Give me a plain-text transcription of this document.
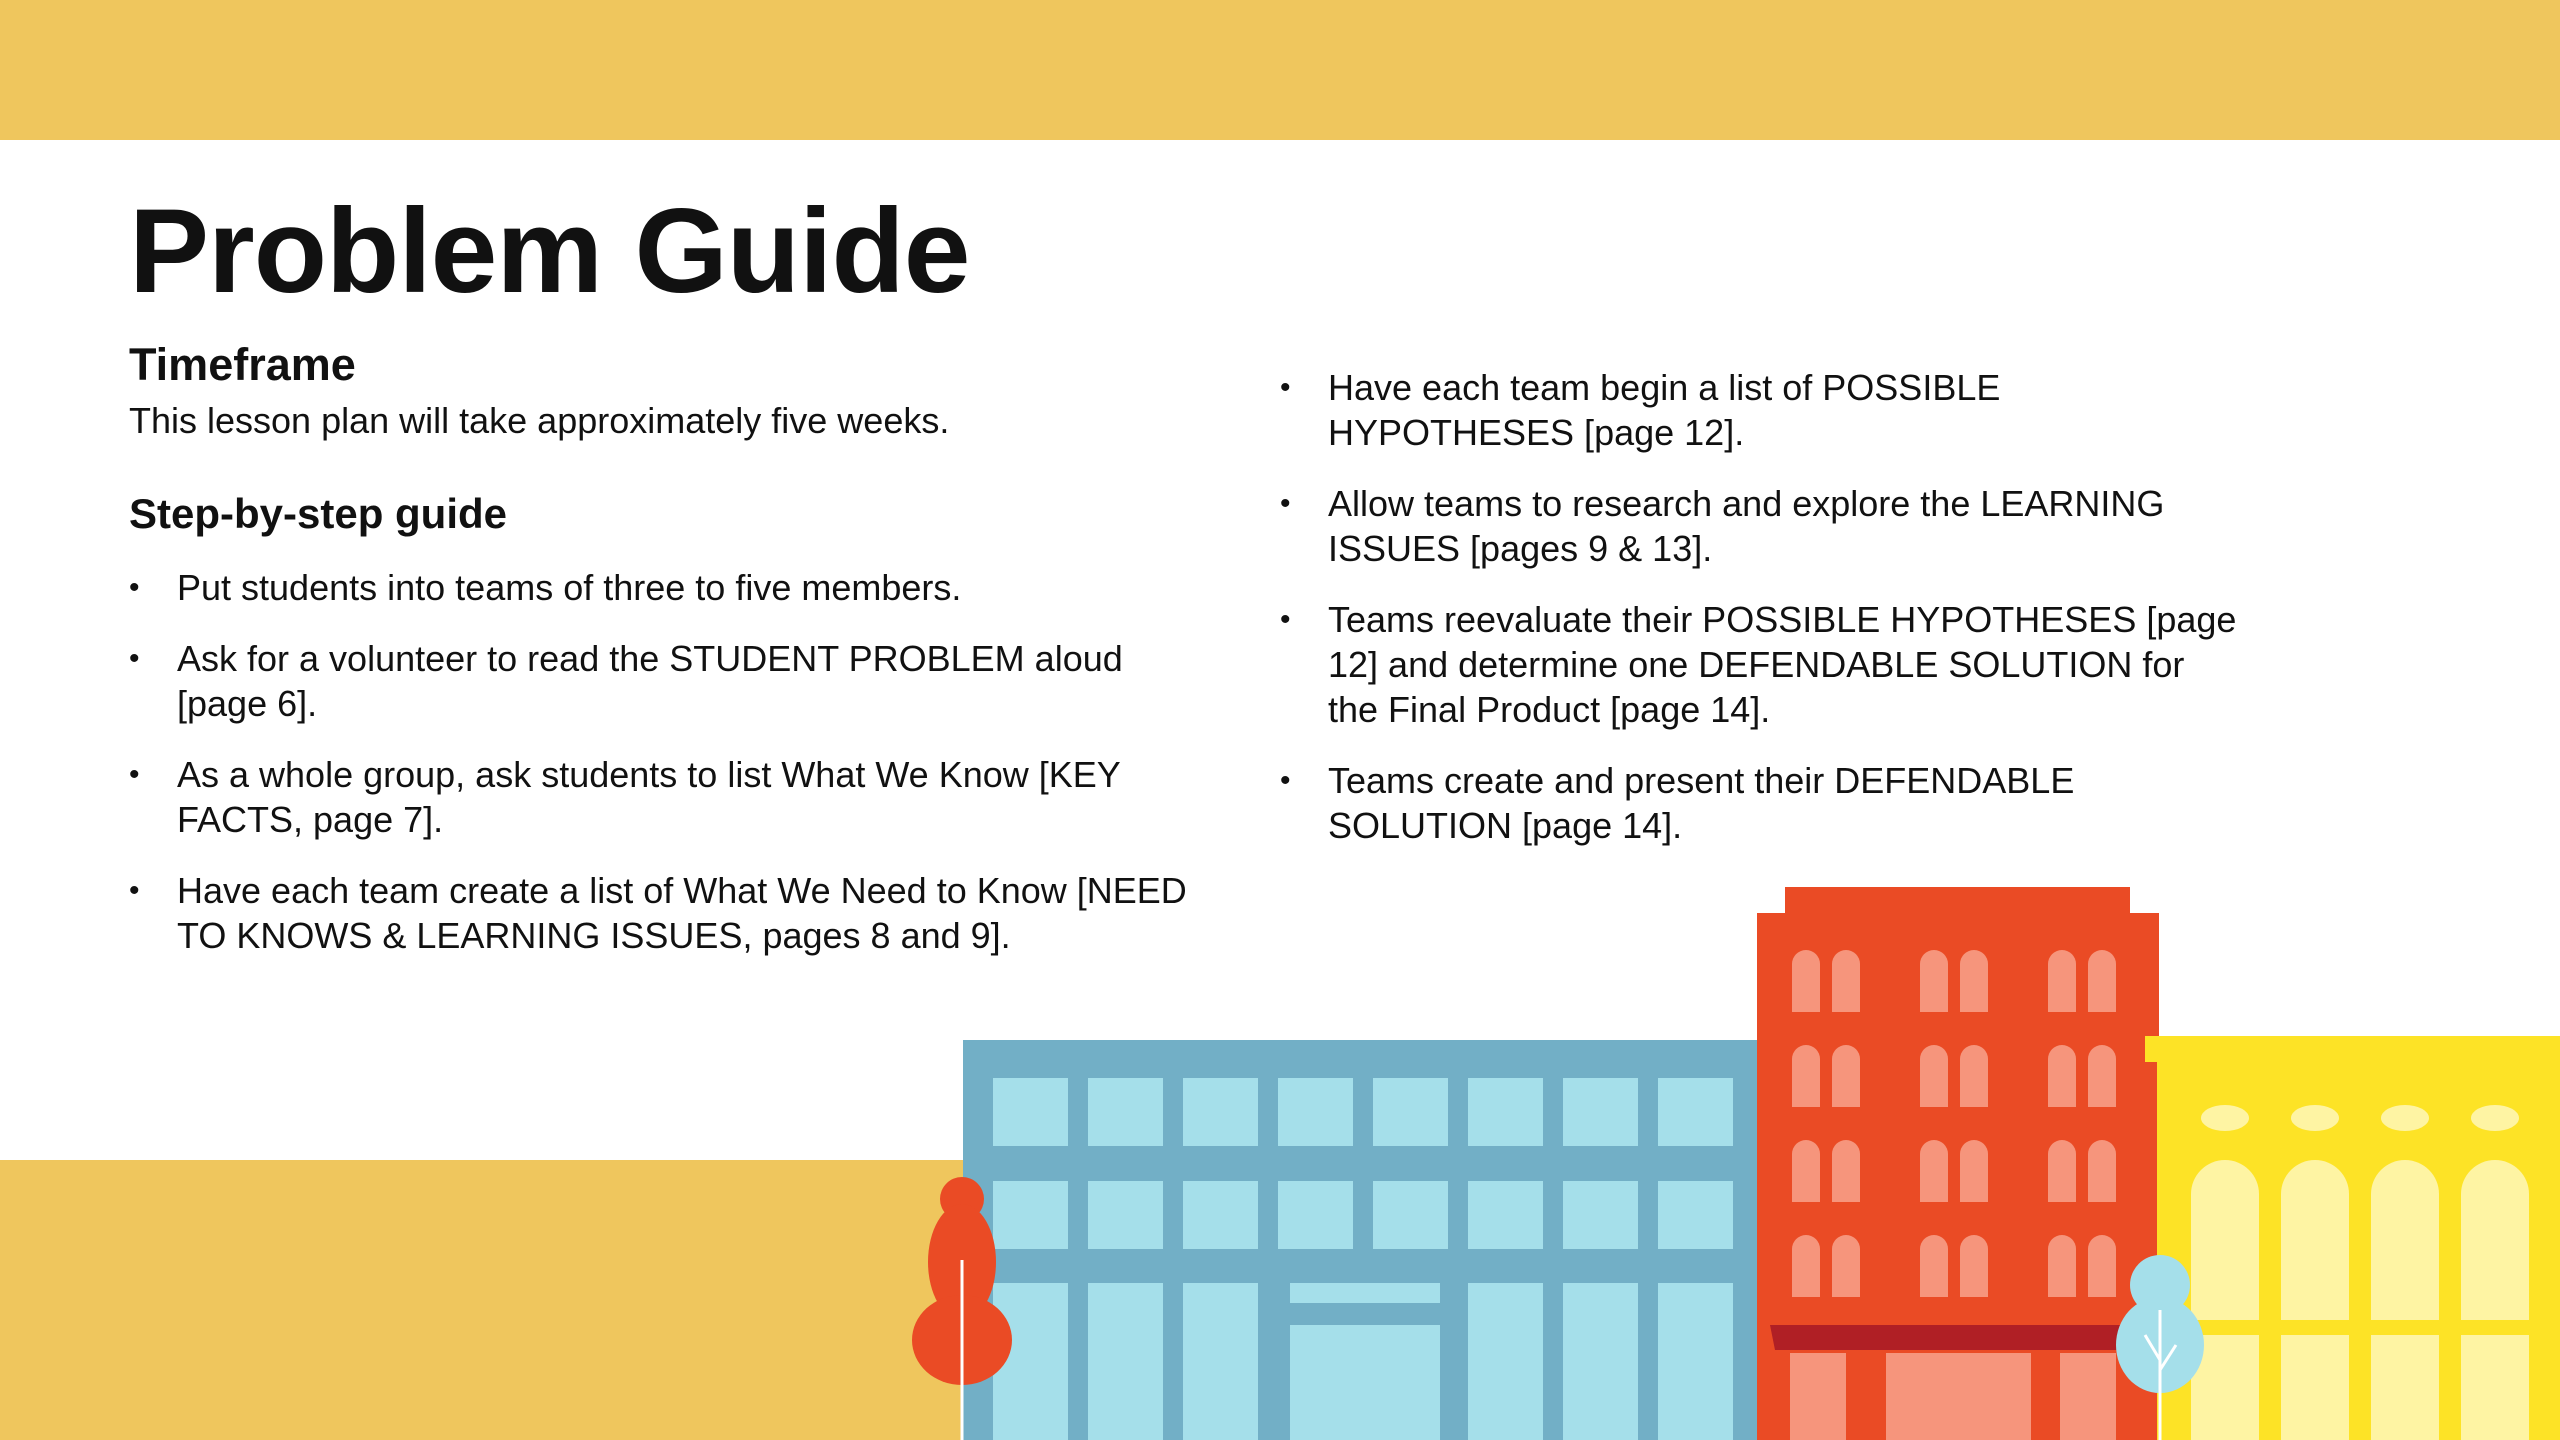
Problem Guide
Timeframe

This lesson plan will take approximately five weeks.

Step-by-step guide
• Put students into teams of three to five members.
• Ask for a volunteer to read the STUDENT PROBLEM aloud [page 6].
• As a whole group, ask students to list What We Know [KEY FACTS, page 7].
• Have each team create a list of What We Need to Know [NEED TO KNOWS & LEARNING ISSUES, pages 8 and 9].
• Have each team begin a list of POSSIBLE HYPOTHESES [page 12].
• Allow teams to research and explore the LEARNING ISSUES [pages 9 & 13].
• Teams reevaluate their POSSIBLE HYPOTHESES [page 12] and determine one DEFENDABLE SOLUTION for the Final Product [page 14].
• Teams create and present their DEFENDABLE SOLUTION [page 14].
